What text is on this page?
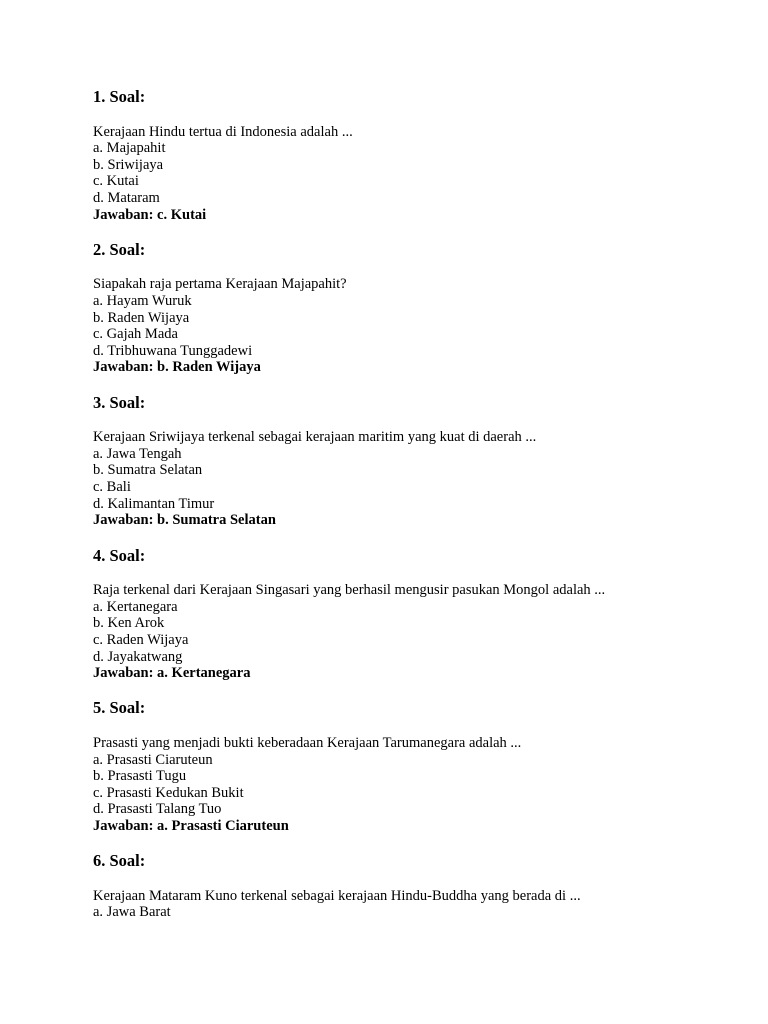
1. Soal:
Kerajaan Hindu tertua di Indonesia adalah ...
a. Majapahit
b. Sriwijaya
c. Kutai
d. Mataram
Jawaban: c. Kutai
2. Soal:
Siapakah raja pertama Kerajaan Majapahit?
a. Hayam Wuruk
b. Raden Wijaya
c. Gajah Mada
d. Tribhuwana Tunggadewi
Jawaban: b. Raden Wijaya
3. Soal:
Kerajaan Sriwijaya terkenal sebagai kerajaan maritim yang kuat di daerah ...
a. Jawa Tengah
b. Sumatra Selatan
c. Bali
d. Kalimantan Timur
Jawaban: b. Sumatra Selatan
4. Soal:
Raja terkenal dari Kerajaan Singasari yang berhasil mengusir pasukan Mongol adalah ...
a. Kertanegara
b. Ken Arok
c. Raden Wijaya
d. Jayakatwang
Jawaban: a. Kertanegara
5. Soal:
Prasasti yang menjadi bukti keberadaan Kerajaan Tarumanegara adalah ...
a. Prasasti Ciaruteun
b. Prasasti Tugu
c. Prasasti Kedukan Bukit
d. Prasasti Talang Tuo
Jawaban: a. Prasasti Ciaruteun
6. Soal:
Kerajaan Mataram Kuno terkenal sebagai kerajaan Hindu-Buddha yang berada di ...
a. Jawa Barat
